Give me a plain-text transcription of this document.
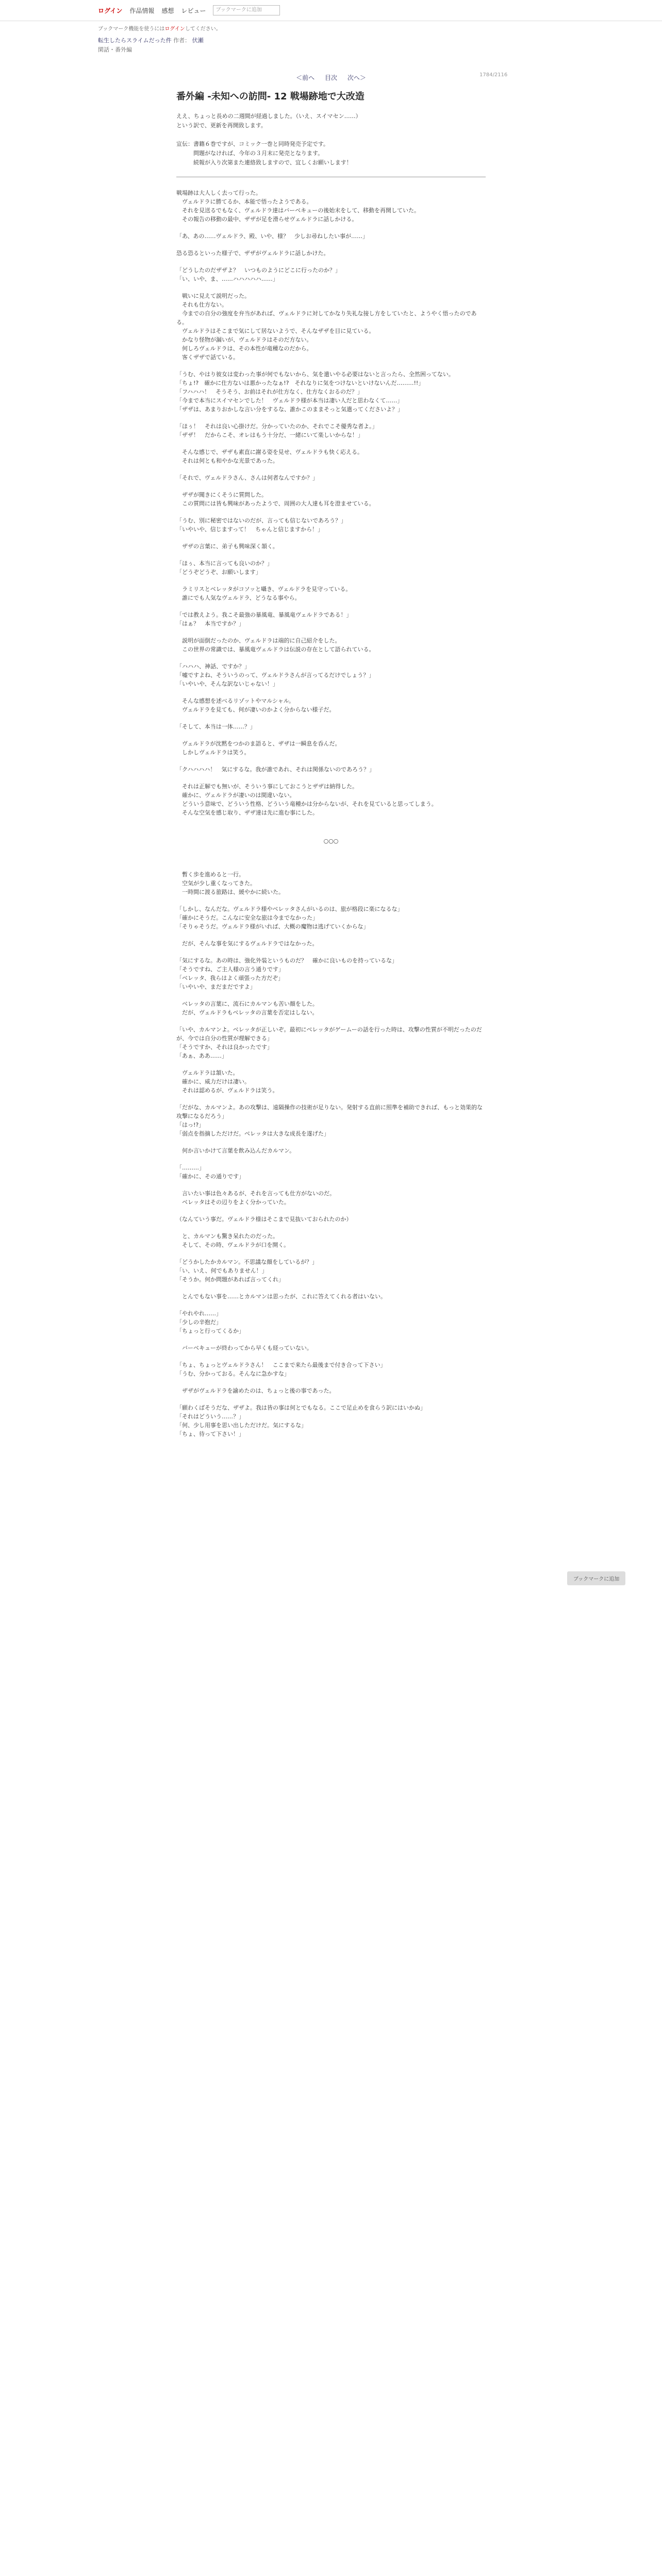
ログイン 作品情報 感想 レビュー	ブックマークに追加
ブックマーク機能を使うにはログインしてください。
転生したらスライムだった件 作者： 伏瀬
閑話・番外編
＜前へ 目次 次へ＞	1784/2116
番外編 -未知への訪問- 12 戦場跡地で大改造
ええ、ちょっと長めの二週間が経過しました。（いえ、スイマセン……）
という訳で、更新を再開致します。

宣伝：書籍６巻ですが、コミック一巻と同時発売予定です。
　　　問題がなければ、今年の３月末に発売となります。
　　　続報が入り次第また連絡致しますので、宜しくお願いします！

戦場跡は大人しく去って行った。
　ヴェルドラに勝てるか、本能で悟ったようである。
　それを見送るでもなく、ヴェルドラ達はバーベキューの後始末をして、移動を再開していた。
　その報告の移動の最中、ザザが足を滑らせヴェルドラに話しかける。

「あ、あの……ヴェルドラ、殿、いや、様？　少しお尋ねしたい事が……」

恐る恐るといった様子で、ザザがヴェルドラに話しかけた。

「どうしたのだザザよ？　いつものようにどこに行ったのか？」
「い、いや、ま、……ハハハハハ……」

　戦いに見えて説明だった。
　それも仕方ない。
　今までの自分の強度を弁当があれば、ヴェルドラに対してかなり失礼な接し方をしていたと、ようやく悟ったのである。
　ヴェルドラはそこまで気にして居ないようで、そんなザザを目に見ている。
　かなり怪物が漏いが、ヴェルドラはそのだ方ない。
　何しろヴェルドラは、その本性が竜種なのだから。
　客くザザで話ている。

「うむ、やはり彼女は変わった事が何でもないから、気を遣いやる必要はないと言ったら、全然困ってない。
「ちょ!?　確かに仕方ないは悪かったなぁ!?　それなりに気をつけないといけないんだ………!!」
「フハハハ！　そうそう、お前はそれが仕方なく、仕方なくおるのだ？」
「今まで本当にスイマセンでした！　ヴェルドラ様が本当は凄い人だと思わなくて……」
「ザザは、あまりおかしな言い分をするな、誰かこのままそっと気遣ってくださいよ？」

「ほぅ！　それは良い心掛けだ。分かっていたのか、それでこそ優秀な者よ。」
「ザザ！　だからこそ、オレはもう十分だ、一緒にいて楽しいからな！」

　そんな感じで、ザザも素直に謝る姿を見せ、ヴェルドラも快く応える。
　それは何とも和やかな光景であった。

「それで、ヴェルドラさん、さんは何者なんですか？」

　ザザが聞きにくそうに質問した。
　この質問には皆も興味があったようで、周囲の大人達も耳を澄ませている。

「うむ、別に秘密ではないのだが、言っても信じないであろう？」
「いやいや、信じますって！　ちゃんと信じますから！」

　ザザの言葉に、弟子も興味深く頷く。

「ほぅ、本当に言っても良いのか？」
「どうぞどうぞ、お願いします」

　ラミリスとベレッタがコソッと囁き、ヴェルドラを見守っている。
　誰にでも人気なヴェルドラ、どうなる事やら。

「では教えよう。我こそ最強の暴風竜、暴風竜ヴェルドラである！」
「はぁ？　本当ですか？」

　説明が面倒だったのか、ヴェルドラは端的に自己紹介をした。
　この世界の常識では、暴風竜ヴェルドラは伝説の存在として語られている。

「ハハハ、神話、ですか？」
「嘘ですよね、そういうのって、ヴェルドラさんが言ってるだけでしょう？」
「いやいや、そんな訳ないじゃない！」

　そんな感想を述べるリゾットやマルシャル。
　ヴェルドラを見ても、何が凄いのかよく分からない様子だ。

「そして、本当は一体……？」

　ヴェルドラが沈黙をつかのま語ると、ザザは一瞬息を呑んだ。
　しかしヴェルドラは笑う。

「クハハハハ！　気にするな。我が誰であれ、それは関係ないのであろう？」

　それは正解でも無いが、そういう事にしておこうとザザは納得した。
　確かに、ヴェルドラが凄いのは間違いない。
　どういう意味で、どういう性格、どういう竜種かは分からないが、それを見ていると思ってしまう。
　そんな空気を感じ取り、ザザ達は先に進む事にした。

○○○

　暫く歩を進めると一行。
　空気が少し重くなってきた。
　一時間に渡る旅路は、緩やかに続いた。

「しかし、なんだな。ヴェルドラ様やベレッタさんがいるのは、旅が格段に楽になるな」
「確かにそうだ。こんなに安全な旅は今までなかった」
「そりゃそうだ。ヴェルドラ様がいれば、大概の魔物は逃げていくからな」

　だが、そんな事を気にするヴェルドラではなかった。

「気にするな。あの時は、強化外装というものだ？　確かに良いものを持っているな」
「そうですね、ご主人様の言う通りです」
「ベレッタ、我らはよく頑張った方だぞ」
「いやいや、まだまだですよ」

　ベレッタの言葉に、流石にカルマンも苦い顔をした。
　だが、ヴェルドラもベレッタの言葉を否定はしない。

「いや、カルマンよ。ベレッタが正しいぞ。最初にベレッタがゲームーの話を行った時は、攻撃の性質が不明だったのだが、今では自分の性質が理解できる」
「そうですか、それは良かったです」
「あぁ、ああ……」

　ヴェルドラは頷いた。
　確かに、威力だけは凄い。
　それは認めるが、ヴェルドラは笑う。

「だがな、カルマンよ。あの攻撃は、遠隔操作の技術が足りない。発射する直前に照準を補助できれば、もっと効果的な攻撃になるだろう」
「はっ!?」
「弱点を指摘しただけだ。ベレッタは大きな成長を遂げた」

　何か言いかけて言葉を飲み込んだカルマン。

「………」
「確かに、その通りです」

　言いたい事は色々あるが、それを言っても仕方がないのだ。
　ベレッタはその辺りをよく分かっていた。

（なんていう事だ。ヴェルドラ様はそこまで見抜いておられたのか）

　と、カルマンも驚き呆れたのだった。
　そして、その時、ヴェルドラが口を開く。

「どうかしたかカルマン。不思議な顔をしているが？」
「い、いえ、何でもありません！」
「そうか。何か問題があれば言ってくれ」

　とんでもない事を……とカルマンは思ったが、これに答えてくれる者はいない。

「やれやれ……」
「少しの辛抱だ」
「ちょっと行ってくるか」

　バーベキューが終わってから早くも経っていない。

「ちょ、ちょっとヴェルドラさん！　ここまで来たら最後まで付き合って下さい」
「うむ、分かっておる。そんなに急かすな」

　ザザがヴェルドラを諭めたのは、ちょっと後の事であった。

「願わくばそうだな、ザザよ。我は皆の事は何とでもなる。ここで足止めを食らう訳にはいかぬ」
「それはどういう……？」
「何、少し用事を思い出しただけだ。気にするな」
「ちょ、待って下さい！」

ブックマークに追加
